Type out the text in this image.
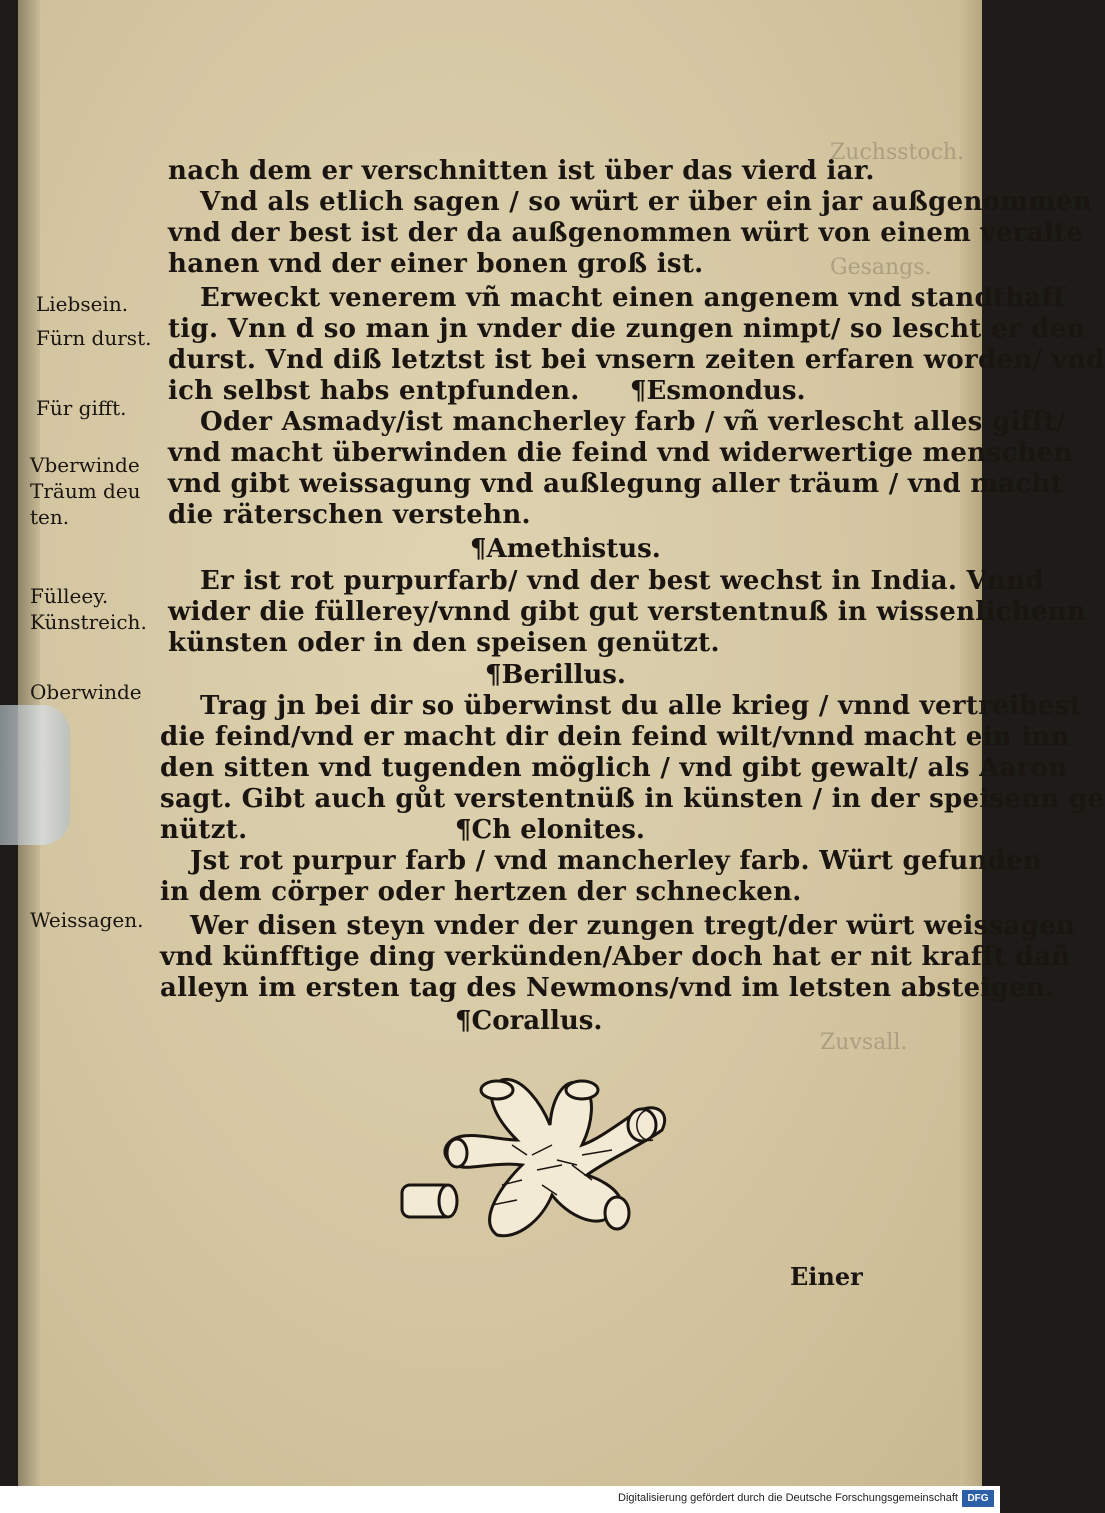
Zuchsstoch.
Gesangs.
Zuvsall.
nach dem er verschnitten ist über das vierd iar.
Vnd als etlich sagen / so würt er über ein jar außgenommen
vnd der best ist der da außgenommen würt von einem veralte
hanen vnd der einer bonen groß ist.
Erweckt venerem vñ macht einen angenem vnd standthaff
tig. Vnn d so man jn vnder die zungen nimpt/ so lescht er den
durst. Vnd diß letztst ist bei vnsern zeiten erfaren worden/ vnd
ich selbst habs entpfunden. ¶Esmondus.
Oder Asmady/ist mancherley farb / vñ verlescht alles gifft/
vnd macht überwinden die feind vnd widerwertige menschen
vnd gibt weissagung vnd außlegung aller träum / vnd macht
die räterschen verstehn.
¶Amethistus.
Er ist rot purpurfarb/ vnd der best wechst in India. Vnnd
wider die füllerey/vnnd gibt gut verstentnuß in wissenlichenn
künsten oder in den speisen genützt.
¶Berillus.
Trag jn bei dir so überwinst du alle krieg / vnnd vertreibest
die feind/vnd er macht dir dein feind wilt/vnnd macht ein inn
den sitten vnd tugenden möglich / vnd gibt gewalt/ als Aaron
sagt. Gibt auch gůt verstentnüß in künsten / in der speisenn ge
nützt.	¶Ch elonites.
Jst rot purpur farb / vnd mancherley farb. Würt gefunden
in dem cörper oder hertzen der schnecken.
Wer disen steyn vnder der zungen tregt/der würt weissagen
vnd künfftige ding verkünden/Aber doch hat er nit krafft dañ
alleyn im ersten tag des Newmons/vnd im letsten absteigen.
¶Corallus.
Liebsein.
Fürn durst.
Für gifft.
Vberwinde
Träum deu
ten.
Fülleey.
Künstreich.
Oberwinde
Weissagen.
Einer
Digitalisierung gefördert durch die Deutsche Forschungsgemeinschaft DFG
